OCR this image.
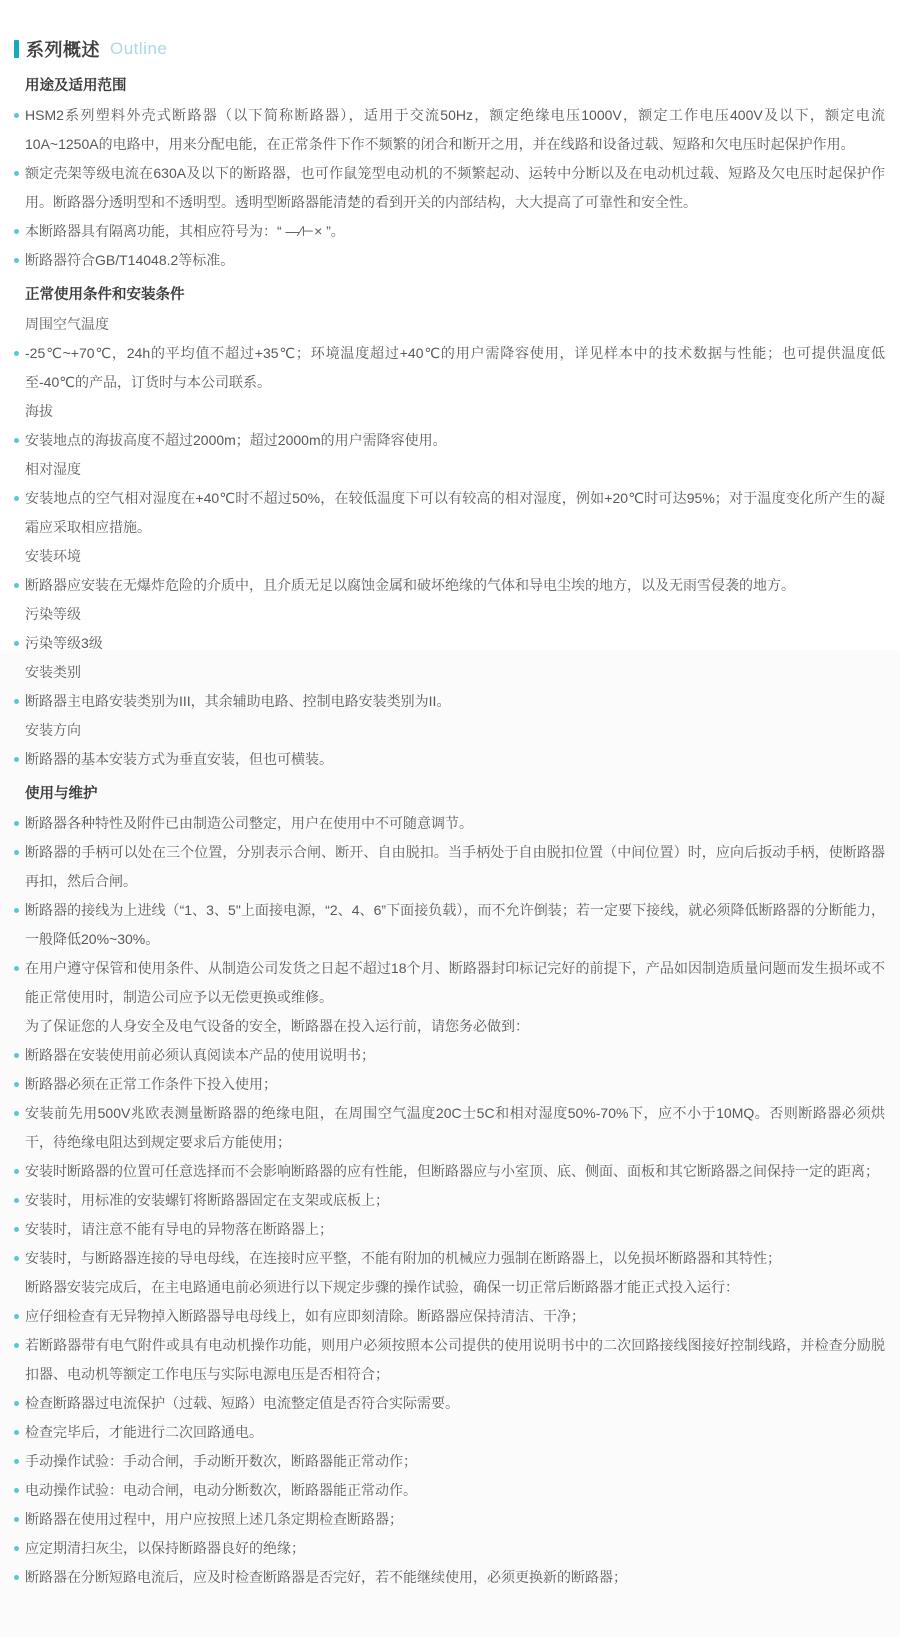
系列概述 Outline
用途及适用范围
HSM2系列塑料外壳式断路器（以下简称断路器），适用于交流50Hz，额定绝缘电压1000V，额定工作电压400V及以下，额定电流10A~1250A的电路中，用来分配电能，在正常条件下作不频繁的闭合和断开之用，并在线路和设备过载、短路和欠电压时起保护作用。
额定壳架等级电流在630A及以下的断路器，也可作鼠笼型电动机的不频繁起动、运转中分断以及在电动机过载、短路及欠电压时起保护作用。断路器分透明型和不透明型。透明型断路器能清楚的看到开关的内部结构，大大提高了可靠性和安全性。
本断路器具有隔离功能，其相应符号为：“ —∕⊢× ”。
断路器符合GB/T14048.2等标准。
正常使用条件和安装条件
周围空气温度
-25℃~+70℃，24h的平均值不超过+35℃；环境温度超过+40℃的用户需降容使用，详见样本中的技术数据与性能；也可提供温度低至-40℃的产品，订货时与本公司联系。
海拔
安装地点的海拔高度不超过2000m；超过2000m的用户需降容使用。
相对湿度
安装地点的空气相对湿度在+40℃时不超过50%，在较低温度下可以有较高的相对湿度，例如+20℃时可达95%；对于温度变化所产生的凝霜应采取相应措施。
安装环境
断路器应安装在无爆炸危险的介质中，且介质无足以腐蚀金属和破坏绝缘的气体和导电尘埃的地方，以及无雨雪侵袭的地方。
污染等级
污染等级3级
安装类别
断路器主电路安装类别为III，其余辅助电路、控制电路安装类别为II。
安装方向
断路器的基本安装方式为垂直安装，但也可横装。
使用与维护
断路器各种特性及附件已由制造公司整定，用户在使用中不可随意调节。
断路器的手柄可以处在三个位置，分别表示合闸、断开、自由脱扣。当手柄处于自由脱扣位置（中间位置）时，应向后扳动手柄，使断路器再扣，然后合闸。
断路器的接线为上进线（“1、3、5"上面接电源，“2、4、6”下面接负载），而不允许倒装；若一定要下接线，就必须降低断路器的分断能力，一般降低20%~30%。
在用户遵守保管和使用条件、从制造公司发货之日起不超过18个月、断路器封印标记完好的前提下，产品如因制造质量问题而发生损坏或不能正常使用时，制造公司应予以无偿更换或维修。
为了保证您的人身安全及电气设备的安全，断路器在投入运行前，请您务必做到：
断路器在安装使用前必须认真阅读本产品的使用说明书；
断路器必须在正常工作条件下投入使用；
安装前先用500V兆欧表测量断路器的绝缘电阻，在周围空气温度20C士5C和相对湿度50%-70%下，应不小于10MQ。否则断路器必须烘干，待绝缘电阻达到规定要求后方能使用；
安装时断路器的位置可任意选择而不会影响断路器的应有性能，但断路器应与小室顶、底、侧面、面板和其它断路器之间保持一定的距离；
安装时，用标准的安装螺钉将断路器固定在支架或底板上；
安装时，请注意不能有导电的异物落在断路器上；
安装时，与断路器连接的导电母线，在连接时应平整，不能有附加的机械应力强制在断路器上，以免损坏断路器和其特性；
断路器安装完成后，在主电路通电前必须进行以下规定步骤的操作试验，确保一切正常后断路器才能正式投入运行：
应仔细检查有无异物掉入断路器导电母线上，如有应即刻清除。断路器应保持清洁、干净；
若断路器带有电气附件或具有电动机操作功能，则用户必须按照本公司提供的使用说明书中的二次回路接线图接好控制线路，并检查分励脱扣器、电动机等额定工作电压与实际电源电压是否相符合；
检查断路器过电流保护（过载、短路）电流整定值是否符合实际需要。
检查完毕后，才能进行二次回路通电。
手动操作试验：手动合闸，手动断开数次，断路器能正常动作；
电动操作试验：电动合闸，电动分断数次，断路器能正常动作。
断路器在使用过程中，用户应按照上述几条定期检查断路器；
应定期清扫灰尘，以保持断路器良好的绝缘；
断路器在分断短路电流后，应及时检查断路器是否完好，若不能继续使用，必须更换新的断路器；
